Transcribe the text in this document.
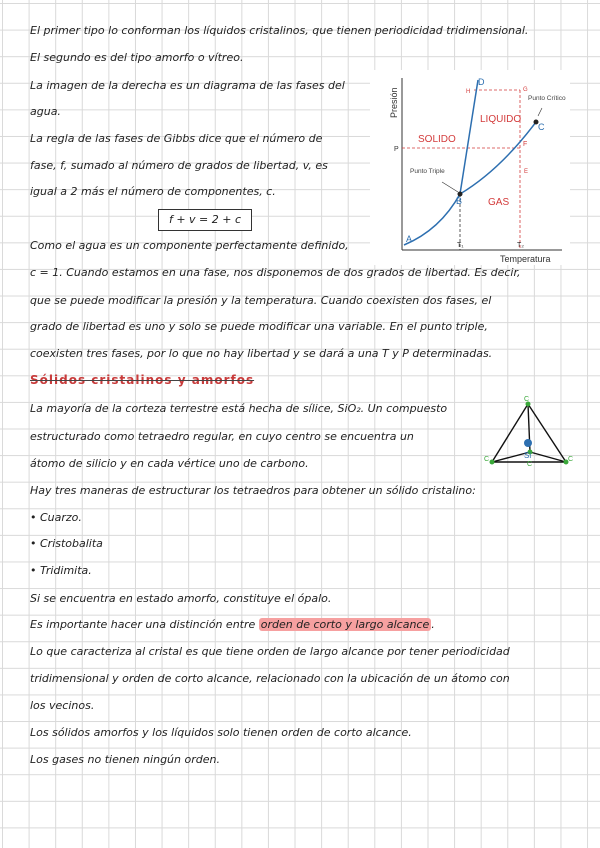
El primer tipo lo conforman los líquidos cristalinos, que tienen periodicidad tridimensional.
El segundo es del tipo amorfo o vítreo.
La imagen de la derecha es un diagrama de las fases del
agua.
La regla de las fases de Gibbs dice que el número de
fase, f, sumado al número de grados de libertad, v, es
igual a 2 más el número de componentes, c.
f + v = 2 + c
Como el agua es un componente perfectamente definido,
c = 1. Cuando estamos en una fase, nos disponemos de dos grados de libertad. Es decir,
que se puede modificar la presión y la temperatura. Cuando coexisten dos fases, el
grado de libertad es uno y solo se puede modificar una variable. En el punto triple,
coexisten tres fases, por lo que no hay libertad y se dará a una T y P determinadas.
Sólidos cristalinos y amorfos
La mayoría de la corteza terrestre está hecha de sílice, SiO₂. Un compuesto
estructurado como tetraedro regular, en cuyo centro se encuentra un
átomo de silicio y en cada vértice uno de carbono.
Hay tres maneras de estructurar los tetraedros para obtener un sólido cristalino:
• Cuarzo.
• Cristobalita
• Tridimita.
Si se encuentra en estado amorfo, constituye el ópalo.
Es importante hacer una distinción entre orden de corto y largo alcance .
Lo que caracteriza al cristal es que tiene orden de largo alcance por tener periodicidad
tridimensional y orden de corto alcance, relacionado con la ubicación de un átomo con
los vecinos.
Los sólidos amorfos y los líquidos solo tienen orden de corto alcance.
Los gases no tienen ningún orden.
Presión
Temperatura
SOLIDO
LIQUIDO
GAS
Punto Triple
Punto Crítico
A
B
C
D
E
F
G
H
P
T₁	T₂
C
C	C
C
Si
